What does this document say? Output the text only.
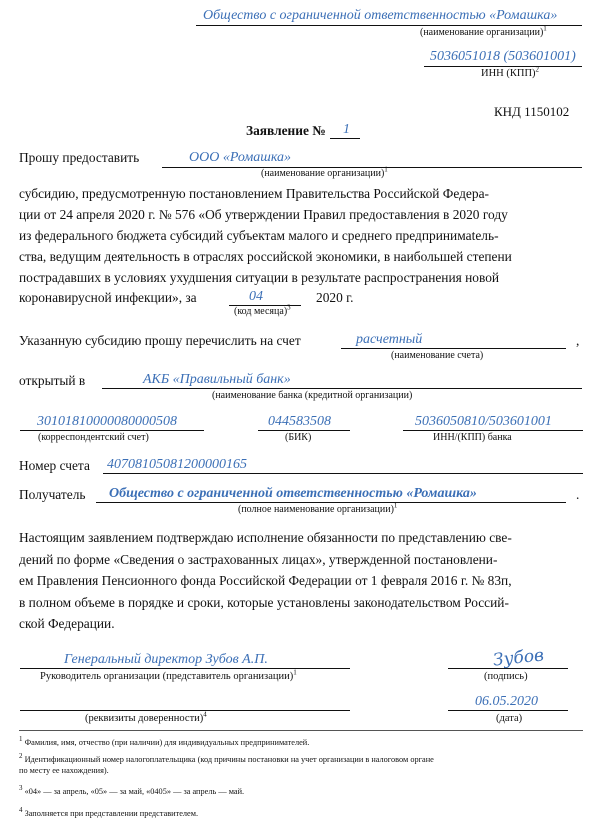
Общество с ограниченной ответственностью «Ромашка»
(наименование организации)$^1$
5036051018 (503601001)
ИНН (КПП)$^2$
КНД 1150102
Заявление № 1
Прошу предоставить	ООО «Ромашка»
(наименование организации)$^1$
субсидию, предусмотренную постановлением Правительства Российской Федера-
ции от 24 апреля 2020 г. № 576 «Об утверждении Правил предоставления в 2020 году
из федерального бюджета субсидий субъектам малого и среднего предпринимatель-
ства, ведущим деятельность в отраслях российской экономики, в наибольшей степени
пострадавших в условиях ухудшения ситуации в результате распространения новой
коронавирусной инфекции», за	04
(код месяца)$^3$
2020 г.
Указанную субсидию прошу перечислить на счет	расчетный
(наименование счета)
,
открытый в	АКБ «Правильный банк»
(наименование банка (кредитной организации)
30101810000080000508
(корреспондентский счет)
044583508
(БИК)
5036050810/503601001
ИНН/(КПП) банка
Номер счета 40708105081200000165
Получатель Общество с ограниченной ответственностью «Ромашка»
(полное наименование организации)$^1$
.
Настоящим заявлением подтверждаю исполнение обязанности по представлению све-
дений по форме «Сведения о застрахованных лицах», утвержденной постановлени-
ем Правления Пенсионного фонда Российской Федерации от 1 февраля 2016 г. № 83п,
в полном объеме в порядке и сроки, которые установлены законодательством Россий-
ской Федерации.
Генеральный директор Зубов А.П.
Руководитель организации (представитель организации)$^1$
Зубов
(подпись)
06.05.2020
(дата)
(реквизиты доверенности)$^4$
$^1$ Фамилия, имя, отчество (при наличии) для индивидуальных предпринимателей.
$^2$ Идентификационный номер налогоплательщика (код причины постановки на учет организации в налоговом органе
по месту ее нахождения).
$^3$ «04» — за апрель, «05» — за май, «0405» — за апрель — май.
$^4$ Заполняется при представлении представителем.
